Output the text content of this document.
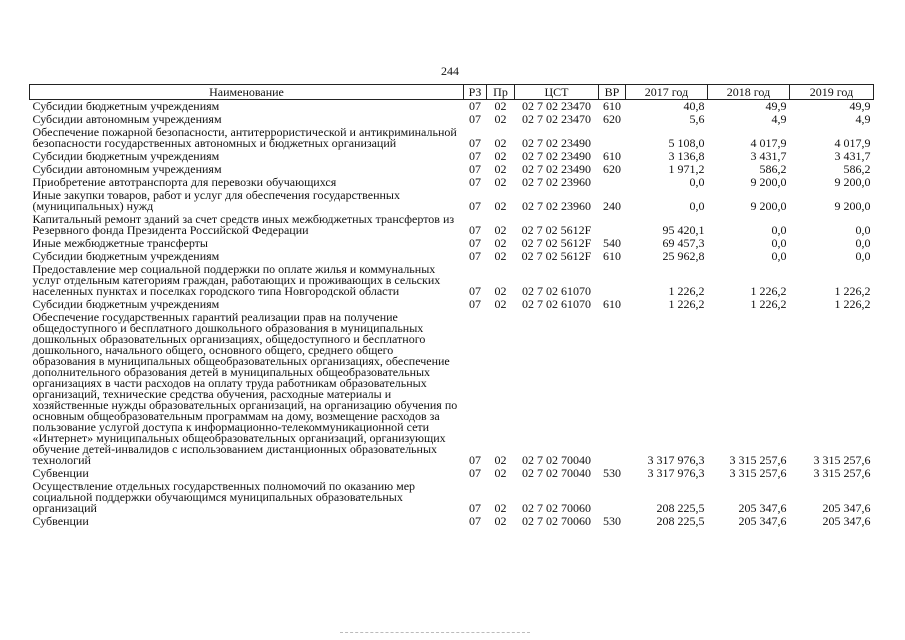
244
Наименование	РЗ	Пр	ЦСТ	ВР	2017 год	2018 год	2019 год
Субсидии бюджетным учреждениям	07	02	02 7 02 23470	610	40,8	49,9	49,9
Субсидии автономным учреждениям	07	02	02 7 02 23470	620	5,6	4,9	4,9
Обеспечение пожарной безопасности, антитеррористической и антикриминальной безопасности государственных автономных и бюджетных организаций	07	02	02 7 02 23490		5 108,0	4 017,9	4 017,9
Субсидии бюджетным учреждениям	07	02	02 7 02 23490	610	3 136,8	3 431,7	3 431,7
Субсидии автономным учреждениям	07	02	02 7 02 23490	620	1 971,2	586,2	586,2
Приобретение автотранспорта для перевозки обучающихся	07	02	02 7 02 23960		0,0	9 200,0	9 200,0
Иные закупки товаров, работ и услуг для обеспечения государственных (муниципальных) нужд	07	02	02 7 02 23960	240	0,0	9 200,0	9 200,0
Капитальный ремонт зданий за счет средств иных межбюджетных трансфертов из Резервного фонда Президента Российской Федерации	07	02	02 7 02 5612F		95 420,1	0,0	0,0
Иные межбюджетные трансферты	07	02	02 7 02 5612F	540	69 457,3	0,0	0,0
Субсидии бюджетным учреждениям	07	02	02 7 02 5612F	610	25 962,8	0,0	0,0
Предоставление мер социальной поддержки по оплате жилья и коммунальных услуг отдельным категориям граждан, работающих и проживающих в сельских населенных пунктах и поселках городского типа Новгородской области	07	02	02 7 02 61070		1 226,2	1 226,2	1 226,2
Субсидии бюджетным учреждениям	07	02	02 7 02 61070	610	1 226,2	1 226,2	1 226,2
Обеспечение государственных гарантий реализации прав на получение общедоступного и бесплатного дошкольного образования в муниципальных дошкольных образовательных организациях, общедоступного и бесплатного дошкольного, начального общего, основного общего, среднего общего образования в муниципальных общеобразовательных организациях, обеспечение дополнительного образования детей в муниципальных общеобразовательных организациях в части расходов на оплату труда работникам образовательных организаций, технические средства обучения, расходные материалы и хозяйственные нужды образовательных организаций, на организацию обучения по основным общеобразовательным программам на дому, возмещение расходов за пользование услугой доступа к информационно-телекоммуникационной сети «Интернет» муниципальных общеобразовательных организаций, организующих обучение детей-инвалидов с использованием дистанционных образовательных технологий	07	02	02 7 02 70040		3 317 976,3	3 315 257,6	3 315 257,6
Субвенции	07	02	02 7 02 70040	530	3 317 976,3	3 315 257,6	3 315 257,6
Осуществление отдельных государственных полномочий по оказанию мер социальной поддержки обучающимся муниципальных образовательных организаций	07	02	02 7 02 70060		208 225,5	205 347,6	205 347,6
Субвенции	07	02	02 7 02 70060	530	208 225,5	205 347,6	205 347,6
